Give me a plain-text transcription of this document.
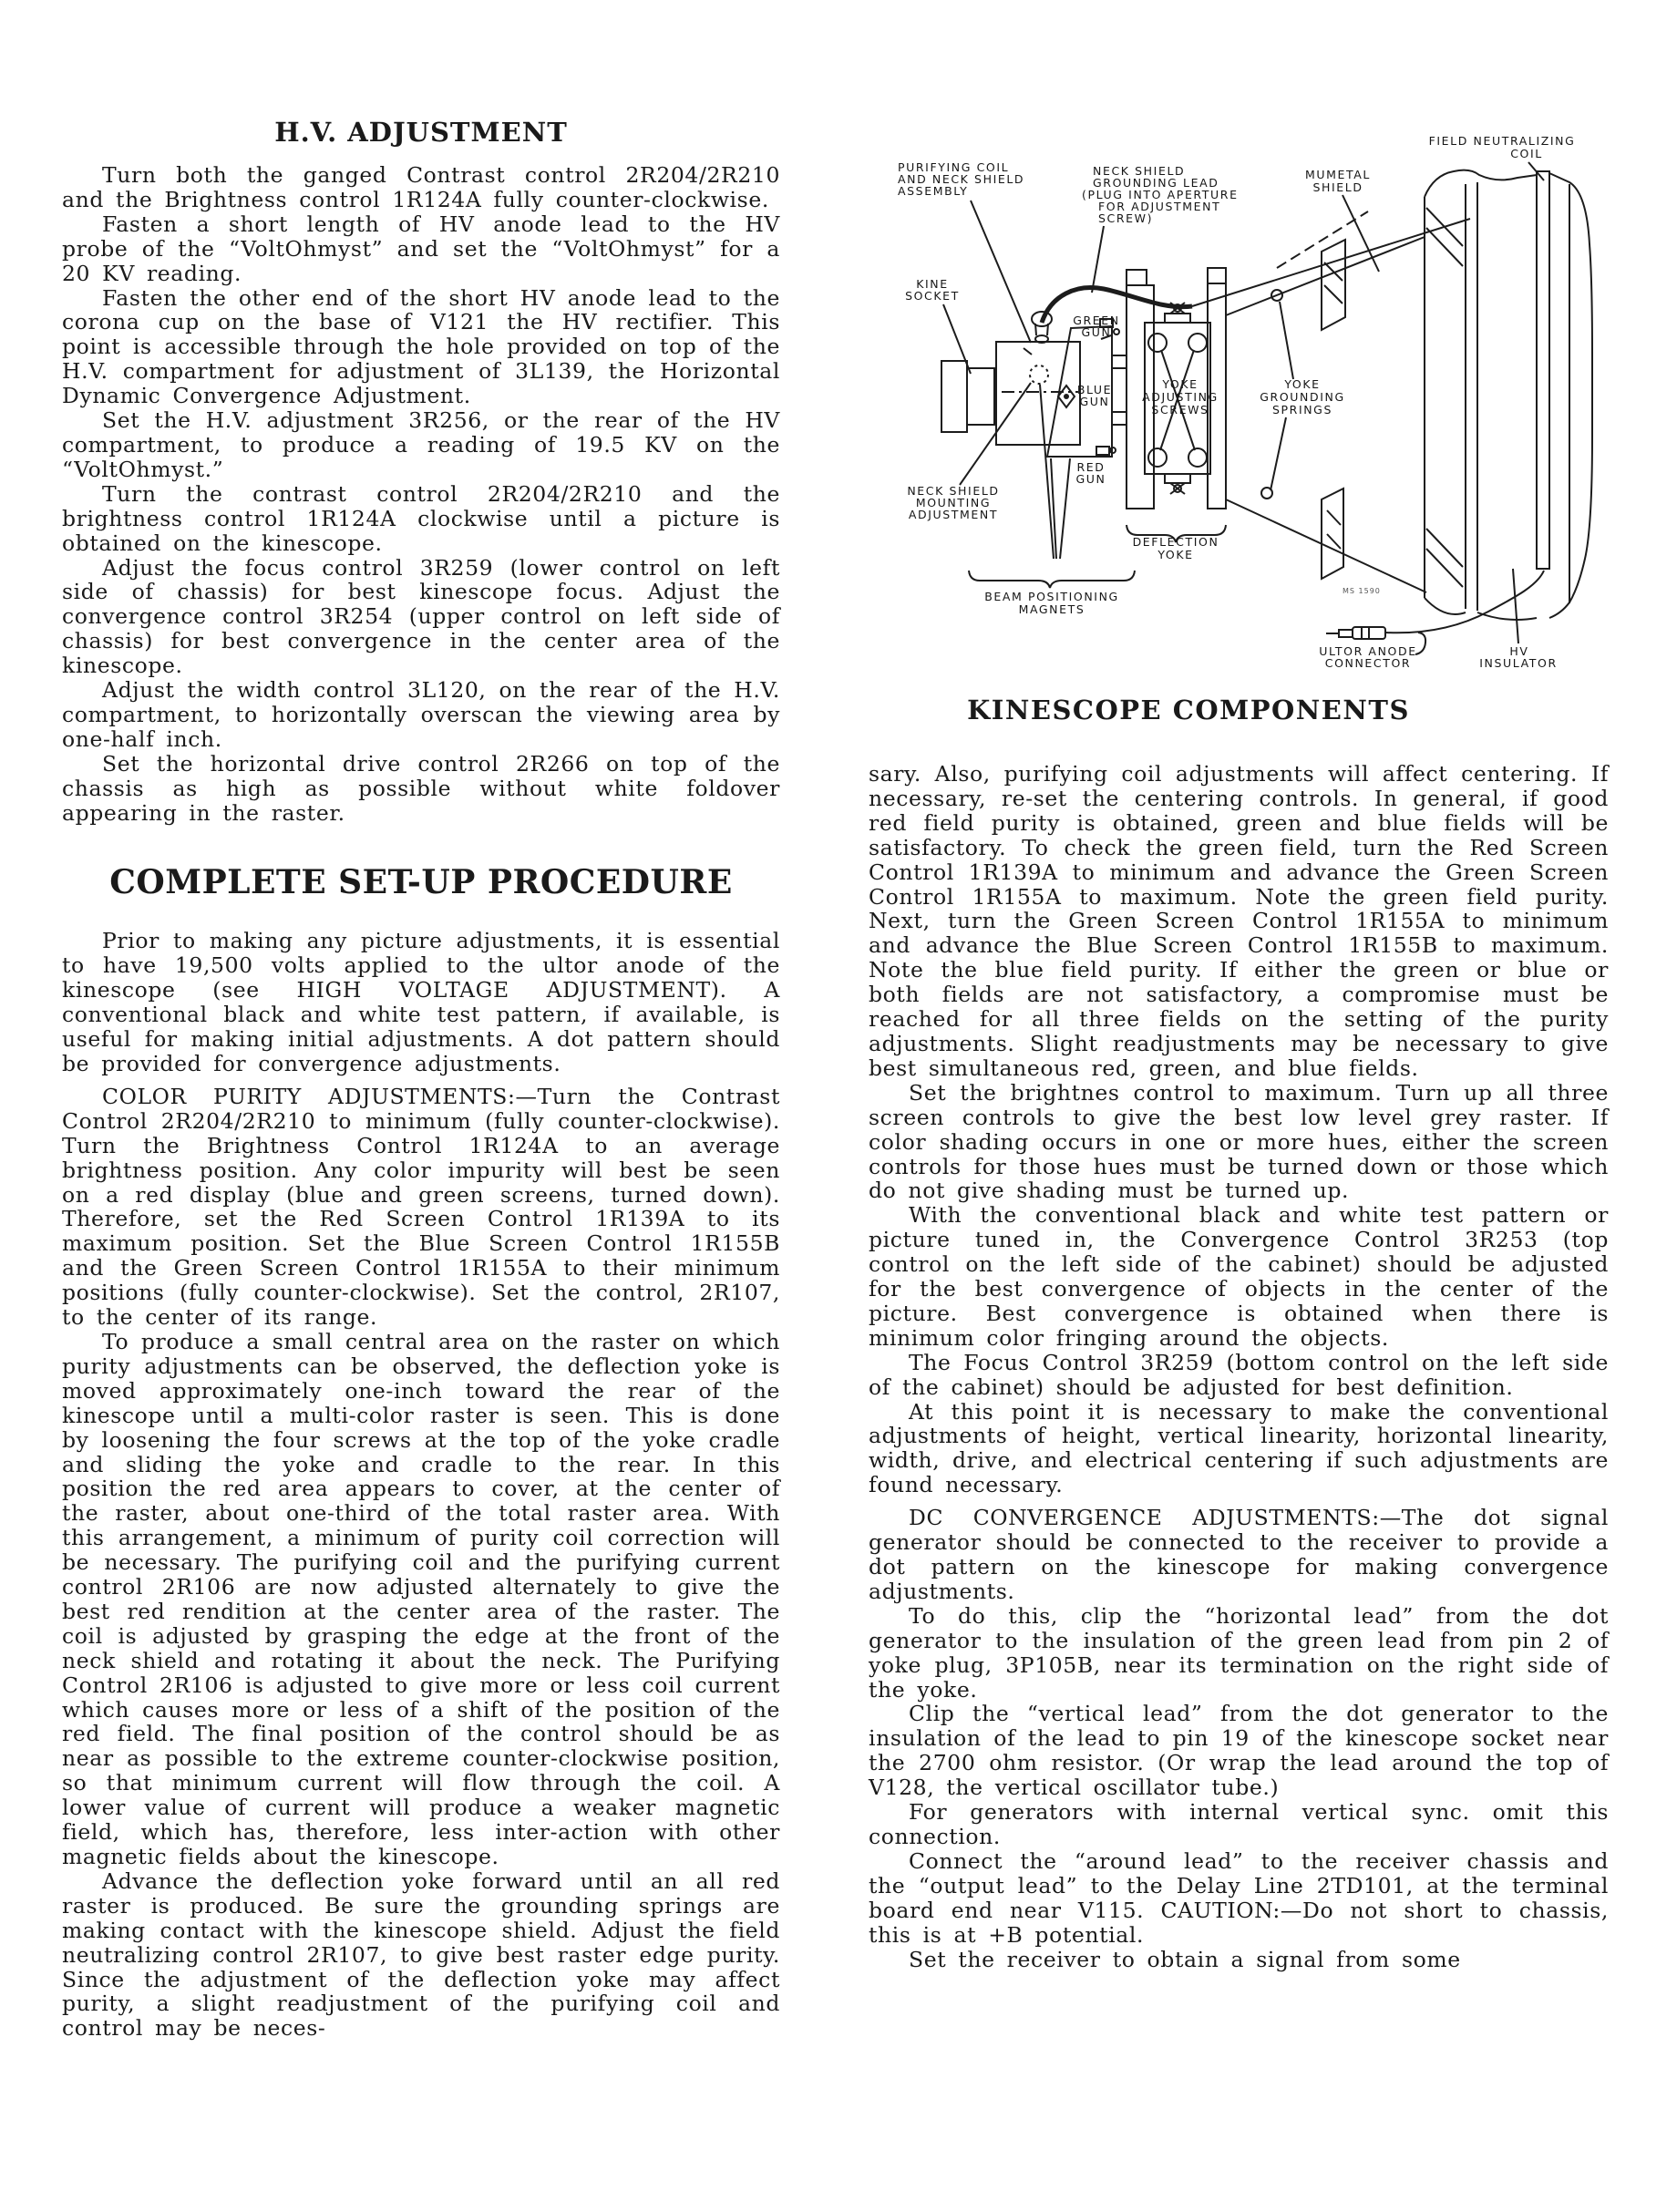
H.V. ADJUSTMENT

Turn both the ganged Contrast control 2R204/2R210 and the Brightness control 1R124A fully counter-clockwise.

Fasten a short length of HV anode lead to the HV probe of the “VoltOhmyst” and set the “VoltOhmyst” for a 20 KV reading.

Fasten the other end of the short HV anode lead to the corona cup on the base of V121 the HV rectifier. This point is accessible through the hole provided on top of the H.V. compartment for adjustment of 3L139, the Horizontal Dynamic Convergence Adjustment.

Set the H.V. adjustment 3R256, or the rear of the HV compartment, to produce a reading of 19.5 KV on the “VoltOhmyst.”

Turn the contrast control 2R204/2R210 and the brightness control 1R124A clockwise until a picture is obtained on the kinescope.

Adjust the focus control 3R259 (lower control on left side of chassis) for best kinescope focus. Adjust the convergence control 3R254 (upper control on left side of chassis) for best convergence in the center area of the kinescope.

Adjust the width control 3L120, on the rear of the H.V. compartment, to horizontally overscan the viewing area by one-half inch.

Set the horizontal drive control 2R266 on top of the chassis as high as possible without white foldover appearing in the raster.

COMPLETE SET-UP PROCEDURE

Prior to making any picture adjustments, it is essential to have 19,500 volts applied to the ultor anode of the kinescope (see HIGH VOLTAGE ADJUSTMENT). A conventional black and white test pattern, if available, is useful for making initial adjustments. A dot pattern should be provided for convergence adjustments.

COLOR PURITY ADJUSTMENTS:—Turn the Contrast Control 2R204/2R210 to minimum (fully counter-clockwise). Turn the Brightness Control 1R124A to an average brightness position. Any color impurity will best be seen on a red display (blue and green screens, turned down). Therefore, set the Red Screen Control 1R139A to its maximum position. Set the Blue Screen Control 1R155B and the Green Screen Control 1R155A to their minimum positions (fully counter-clockwise). Set the control, 2R107, to the center of its range.

To produce a small central area on the raster on which purity adjustments can be observed, the deflection yoke is moved approximately one-inch toward the rear of the kinescope until a multi-color raster is seen. This is done by loosening the four screws at the top of the yoke cradle and sliding the yoke and cradle to the rear. In this position the red area appears to cover, at the center of the raster, about one-third of the total raster area. With this arrangement, a minimum of purity coil correction will be necessary. The purifying coil and the purifying current control 2R106 are now adjusted alternately to give the best red rendition at the center area of the raster. The coil is adjusted by grasping the edge at the front of the neck shield and rotating it about the neck. The Purifying Control 2R106 is adjusted to give more or less coil current which causes more or less of a shift of the position of the red field. The final position of the control should be as near as possible to the extreme counter-clockwise position, so that minimum current will flow through the coil. A lower value of current will produce a weaker magnetic field, which has, therefore, less inter-action with other magnetic fields about the kinescope.

Advance the deflection yoke forward until an all red raster is produced. Be sure the grounding springs are making contact with the kinescope shield. Adjust the field neutralizing control 2R107, to give best raster edge purity. Since the adjustment of the deflection yoke may affect purity, a slight readjustment of the purifying coil and control may be neces-

PURIFYING COIL
AND NECK SHIELD
ASSEMBLY
NECK SHIELD
GROUNDING LEAD
(PLUG INTO APERTURE
FOR ADJUSTMENT
SCREW)
KINE
SOCKET
GREEN
GUN
BLUE
GUN
RED
GUN
YOKE
ADJUSTING
SCREWS
YOKE
GROUNDING
SPRINGS
NECK SHIELD
MOUNTING
ADJUSTMENT
DEFLECTION
YOKE
BEAM POSITIONING
MAGNETS
MUMETAL
SHIELD
FIELD NEUTRALIZING
COIL
ULTOR ANODE
CONNECTOR
HV
INSULATOR
MS 1590
KINESCOPE COMPONENTS

sary. Also, purifying coil adjustments will affect centering. If necessary, re-set the centering controls. In general, if good red field purity is obtained, green and blue fields will be satisfactory. To check the green field, turn the Red Screen Control 1R139A to minimum and advance the Green Screen Control 1R155A to maximum. Note the green field purity. Next, turn the Green Screen Control 1R155A to minimum and advance the Blue Screen Control 1R155B to maximum. Note the blue field purity. If either the green or blue or both fields are not satisfactory, a compromise must be reached for all three fields on the setting of the purity adjustments. Slight readjustments may be necessary to give best simultaneous red, green, and blue fields.

Set the brightnes control to maximum. Turn up all three screen controls to give the best low level grey raster. If color shading occurs in one or more hues, either the screen controls for those hues must be turned down or those which do not give shading must be turned up.

With the conventional black and white test pattern or picture tuned in, the Convergence Control 3R253 (top control on the left side of the cabinet) should be adjusted for the best convergence of objects in the center of the picture. Best convergence is obtained when there is minimum color fringing around the objects.

The Focus Control 3R259 (bottom control on the left side of the cabinet) should be adjusted for best definition.

At this point it is necessary to make the conventional adjustments of height, vertical linearity, horizontal linearity, width, drive, and electrical centering if such adjustments are found necessary.

DC CONVERGENCE ADJUSTMENTS:—The dot signal generator should be connected to the receiver to provide a dot pattern on the kinescope for making convergence adjustments.

To do this, clip the “horizontal lead” from the dot generator to the insulation of the green lead from pin 2 of yoke plug, 3P105B, near its termination on the right side of the yoke.

Clip the “vertical lead” from the dot generator to the insulation of the lead to pin 19 of the kinescope socket near the 2700 ohm resistor. (Or wrap the lead around the top of V128, the vertical oscillator tube.)

For generators with internal vertical sync. omit this connection.

Connect the “around lead” to the receiver chassis and the “output lead” to the Delay Line 2TD101, at the terminal board end near V115. CAUTION:—Do not short to chassis, this is at +B potential.

Set the receiver to obtain a signal from some
